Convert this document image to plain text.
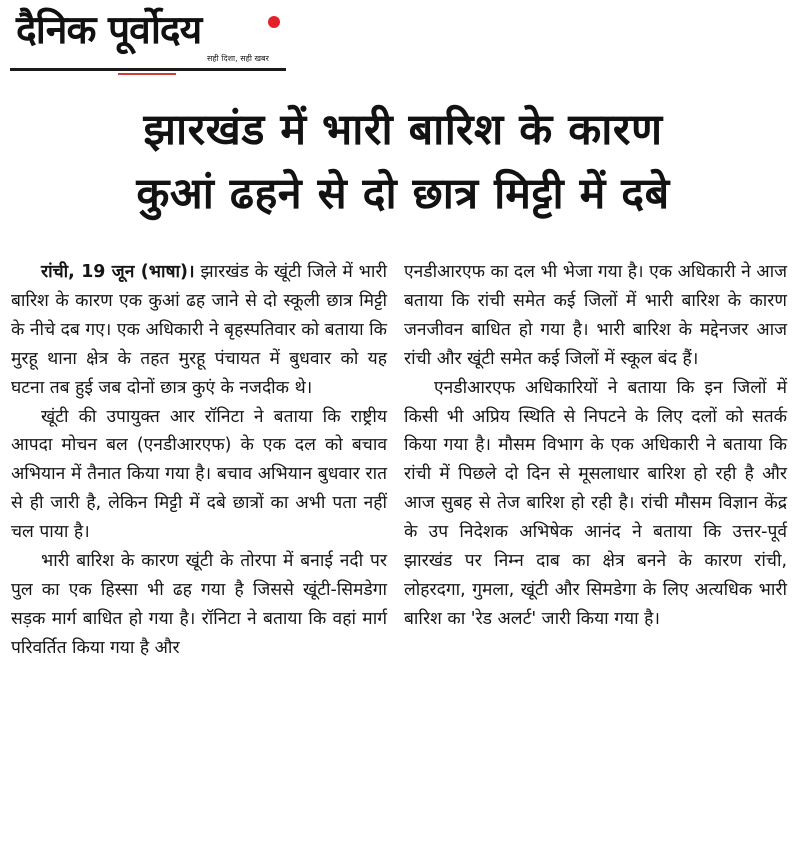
दैनिक पूर्वोदय
सही दिशा, सही खबर
झारखंड में भारी बारिश के कारण
कुआं ढहने से दो छात्र मिट्टी में दबे

रांची, 19 जून (भाषा)। झारखंड के खूंटी जिले में भारी बारिश के कारण एक कुआं ढह जाने से दो स्कूली छात्र मिट्टी के नीचे दब गए। एक अधिकारी ने बृहस्पतिवार को बताया कि मुरहू थाना क्षेत्र के तहत मुरहू पंचायत में बुधवार को यह घटना तब हुई जब दोनों छात्र कुएं के नजदीक थे।

खूंटी की उपायुक्त आर रॉनिटा ने बताया कि राष्ट्रीय आपदा मोचन बल (एनडीआरएफ) के एक दल को बचाव अभियान में तैनात किया गया है। बचाव अभियान बुधवार रात से ही जारी है, लेकिन मिट्टी में दबे छात्रों का अभी पता नहीं चल पाया है।

भारी बारिश के कारण खूंटी के तोरपा में बनाई नदी पर पुल का एक हिस्सा भी ढह गया है जिससे खूंटी-सिमडेगा सड़क मार्ग बाधित हो गया है। रॉनिटा ने बताया कि वहां मार्ग परिवर्तित किया गया है और

एनडीआरएफ का दल भी भेजा गया है। एक अधिकारी ने आज बताया कि रांची समेत कई जिलों में भारी बारिश के कारण जनजीवन बाधित हो गया है। भारी बारिश के मद्देनजर आज रांची और खूंटी समेत कई जिलों में स्कूल बंद हैं।

एनडीआरएफ अधिकारियों ने बताया कि इन जिलों में किसी भी अप्रिय स्थिति से निपटने के लिए दलों को सतर्क किया गया है। मौसम विभाग के एक अधिकारी ने बताया कि रांची में पिछले दो दिन से मूसलाधार बारिश हो रही है और आज सुबह से तेज बारिश हो रही है। रांची मौसम विज्ञान केंद्र के उप निदेशक अभिषेक आनंद ने बताया कि उत्तर-पूर्व झारखंड पर निम्न दाब का क्षेत्र बनने के कारण रांची, लोहरदगा, गुमला, खूंटी और सिमडेगा के लिए अत्यधिक भारी बारिश का 'रेड अलर्ट' जारी किया गया है।
